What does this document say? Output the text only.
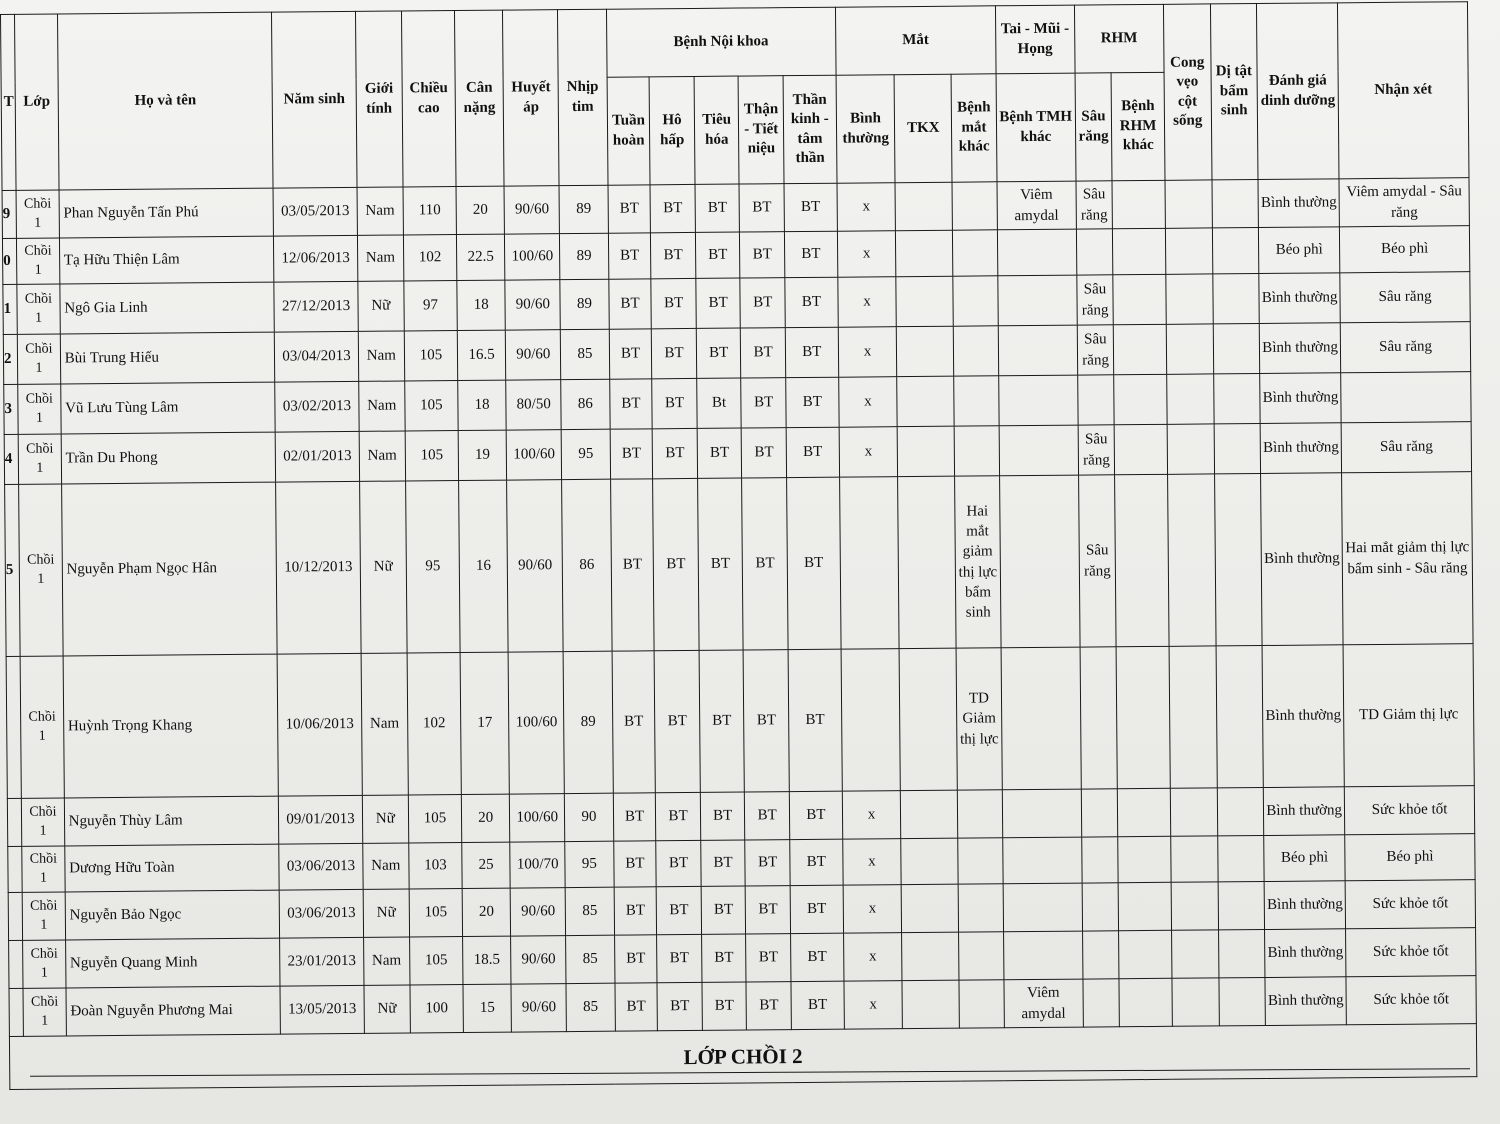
T	Lớp	Họ và tên	Năm sinh	Giới tính	Chiều cao	Cân nặng	Huyết áp	Nhịp tim	Bệnh Nội khoa					Mắt			Tai - Mũi - Họng	RHM		Cong vẹo cột sống	Dị tật bẩm sinh	Đánh giá dinh dưỡng	Nhận xét
									Tuần hoàn	Hô hấp	Tiêu hóa	Thận - Tiết niệu	Thần kinh - tâm thần	Bình thường	TKX	Bệnh mắt khác	Bệnh TMH khác	Sâu răng	Bệnh RHM khác				
9	Chồi 1	Phan Nguyễn Tấn Phú	03/05/2013	Nam	110	20	90/60	89	BT	BT	BT	BT	BT	x			Viêm amydal	Sâu răng				Bình thường	Viêm amydal - Sâu răng
0	Chồi 1	Tạ Hữu Thiện Lâm	12/06/2013	Nam	102	22.5	100/60	89	BT	BT	BT	BT	BT	x								Béo phì	Béo phì
1	Chồi 1	Ngô Gia Linh	27/12/2013	Nữ	97	18	90/60	89	BT	BT	BT	BT	BT	x				Sâu răng				Bình thường	Sâu răng
2	Chồi 1	Bùi Trung Hiếu	03/04/2013	Nam	105	16.5	90/60	85	BT	BT	BT	BT	BT	x				Sâu răng				Bình thường	Sâu răng
3	Chồi 1	Vũ Lưu Tùng Lâm	03/02/2013	Nam	105	18	80/50	86	BT	BT	Bt	BT	BT	x								Bình thường	
4	Chồi 1	Trần Du Phong	02/01/2013	Nam	105	19	100/60	95	BT	BT	BT	BT	BT	x				Sâu răng				Bình thường	Sâu răng
5	Chồi 1	Nguyễn Phạm Ngọc Hân	10/12/2013	Nữ	95	16	90/60	86	BT	BT	BT	BT	BT			Hai mắt giảm thị lực bẩm sinh		Sâu răng				Bình thường	Hai mắt giảm thị lực bẩm sinh - Sâu răng
	Chồi 1	Huỳnh Trọng Khang	10/06/2013	Nam	102	17	100/60	89	BT	BT	BT	BT	BT			TD Giảm thị lực						Bình thường	TD Giảm thị lực
	Chồi 1	Nguyễn Thùy Lâm	09/01/2013	Nữ	105	20	100/60	90	BT	BT	BT	BT	BT	x								Bình thường	Sức khỏe tốt
	Chồi 1	Dương Hữu Toàn	03/06/2013	Nam	103	25	100/70	95	BT	BT	BT	BT	BT	x								Béo phì	Béo phì
	Chồi 1	Nguyễn Bảo Ngọc	03/06/2013	Nữ	105	20	90/60	85	BT	BT	BT	BT	BT	x								Bình thường	Sức khỏe tốt
	Chồi 1	Nguyễn Quang Minh	23/01/2013	Nam	105	18.5	90/60	85	BT	BT	BT	BT	BT	x								Bình thường	Sức khỏe tốt
	Chồi 1	Đoàn Nguyễn Phương Mai	13/05/2013	Nữ	100	15	90/60	85	BT	BT	BT	BT	BT	x			Viêm amydal					Bình thường	Sức khỏe tốt
LỚP CHỒI 2																							
